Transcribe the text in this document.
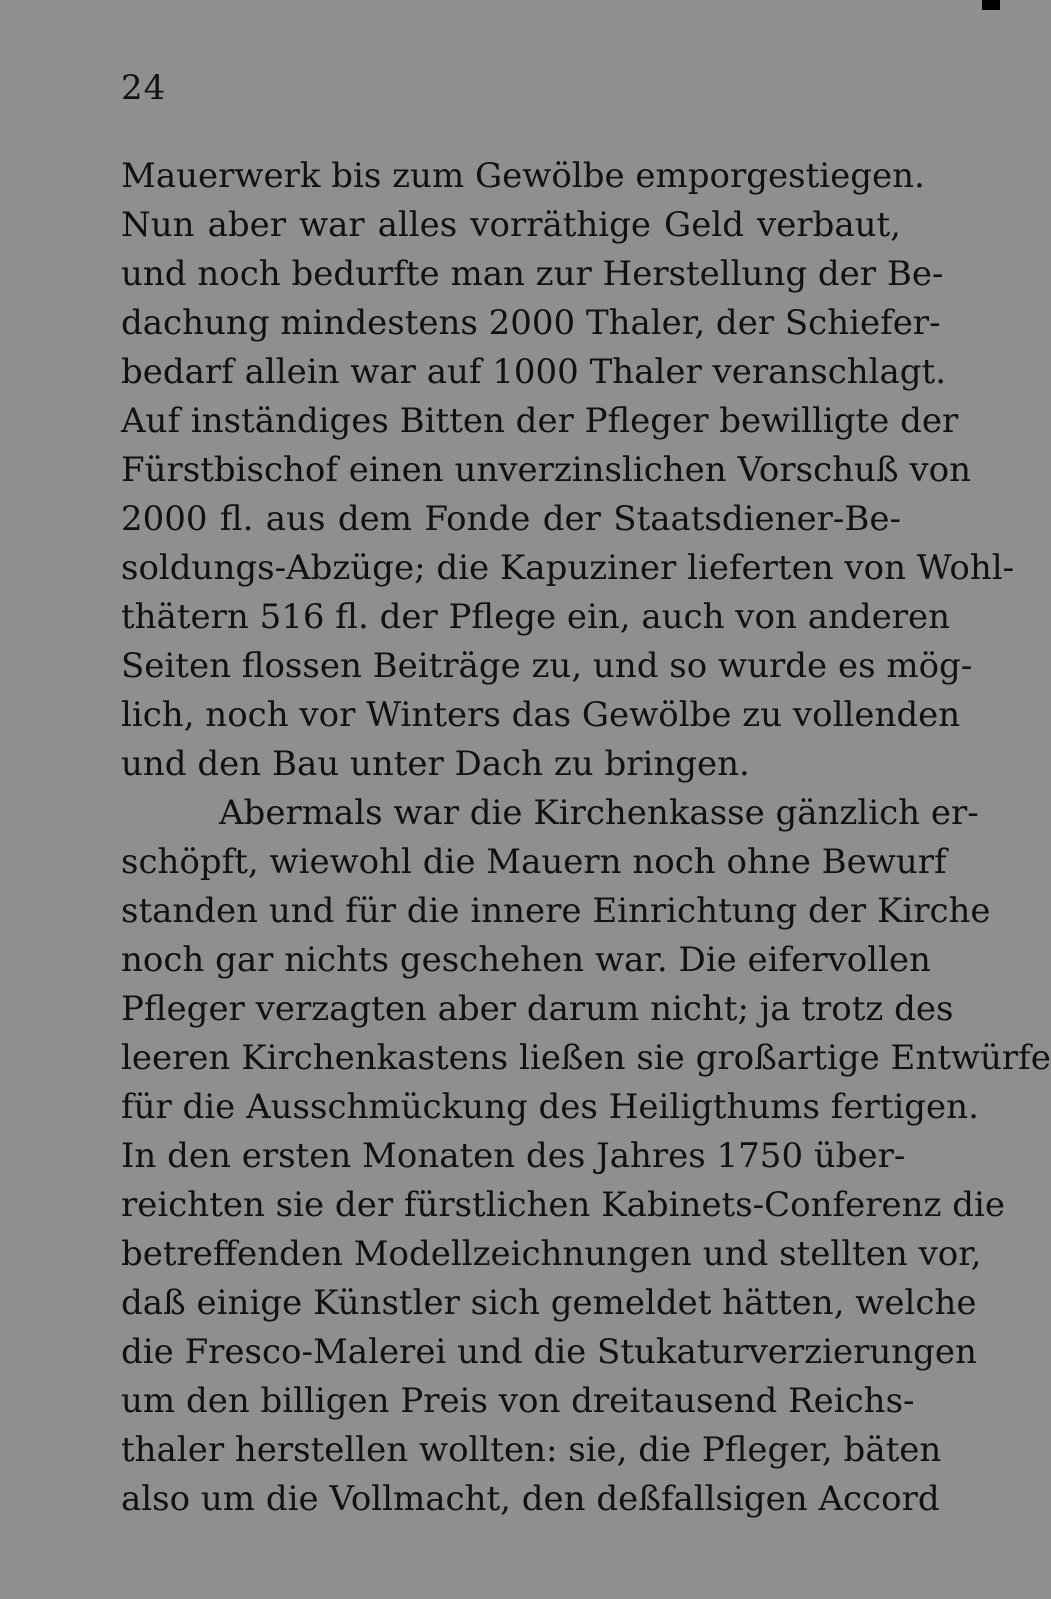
24
Mauerwerk bis zum Gewölbe emporgestiegen.
Nun aber war alles vorräthige Geld verbaut,
und noch bedurfte man zur Herstellung der Be-
dachung mindestens 2000 Thaler, der Schiefer-
bedarf allein war auf 1000 Thaler veranschlagt.
Auf inständiges Bitten der Pfleger bewilligte der
Fürstbischof einen unverzinslichen Vorschuß von
2000 fl. aus dem Fonde der Staatsdiener-Be-
soldungs-Abzüge; die Kapuziner lieferten von Wohl-
thätern 516 fl. der Pflege ein, auch von anderen
Seiten flossen Beiträge zu, und so wurde es mög-
lich, noch vor Winters das Gewölbe zu vollenden
und den Bau unter Dach zu bringen.
Abermals war die Kirchenkasse gänzlich er-
schöpft, wiewohl die Mauern noch ohne Bewurf
standen und für die innere Einrichtung der Kirche
noch gar nichts geschehen war. Die eifervollen
Pfleger verzagten aber darum nicht; ja trotz des
leeren Kirchenkastens ließen sie großartige Entwürfe
für die Ausschmückung des Heiligthums fertigen.
In den ersten Monaten des Jahres 1750 über-
reichten sie der fürstlichen Kabinets-Conferenz die
betreffenden Modellzeichnungen und stellten vor,
daß einige Künstler sich gemeldet hätten, welche
die Fresco-Malerei und die Stukaturverzierungen
um den billigen Preis von dreitausend Reichs-
thaler herstellen wollten: sie, die Pfleger, bäten
also um die Vollmacht, den deßfallsigen Accord
